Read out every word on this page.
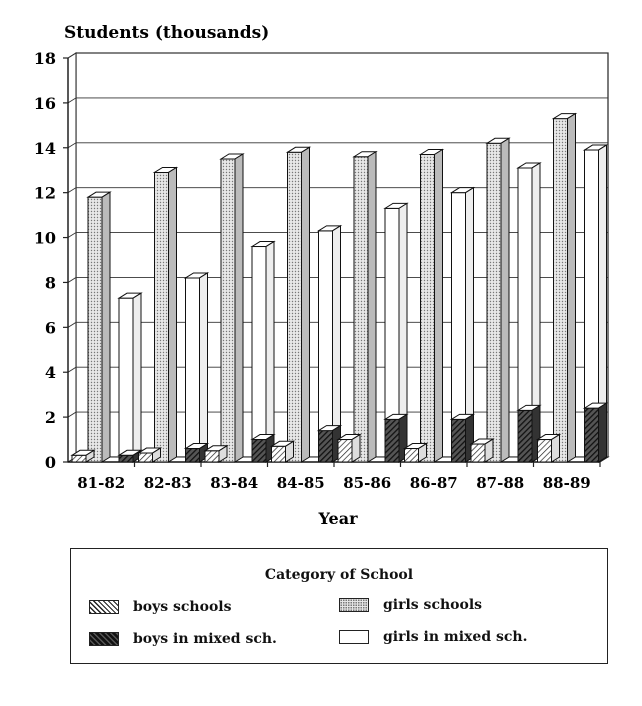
Students (thousands)
Year
0
2
4
6
8
10
12
14
16
18
81-82 82-83 83-84 84-85 85-86 86-87 87-88 88-89
Category of School
boys schools	girls schools
boys in mixed sch.	girls in mixed sch.
